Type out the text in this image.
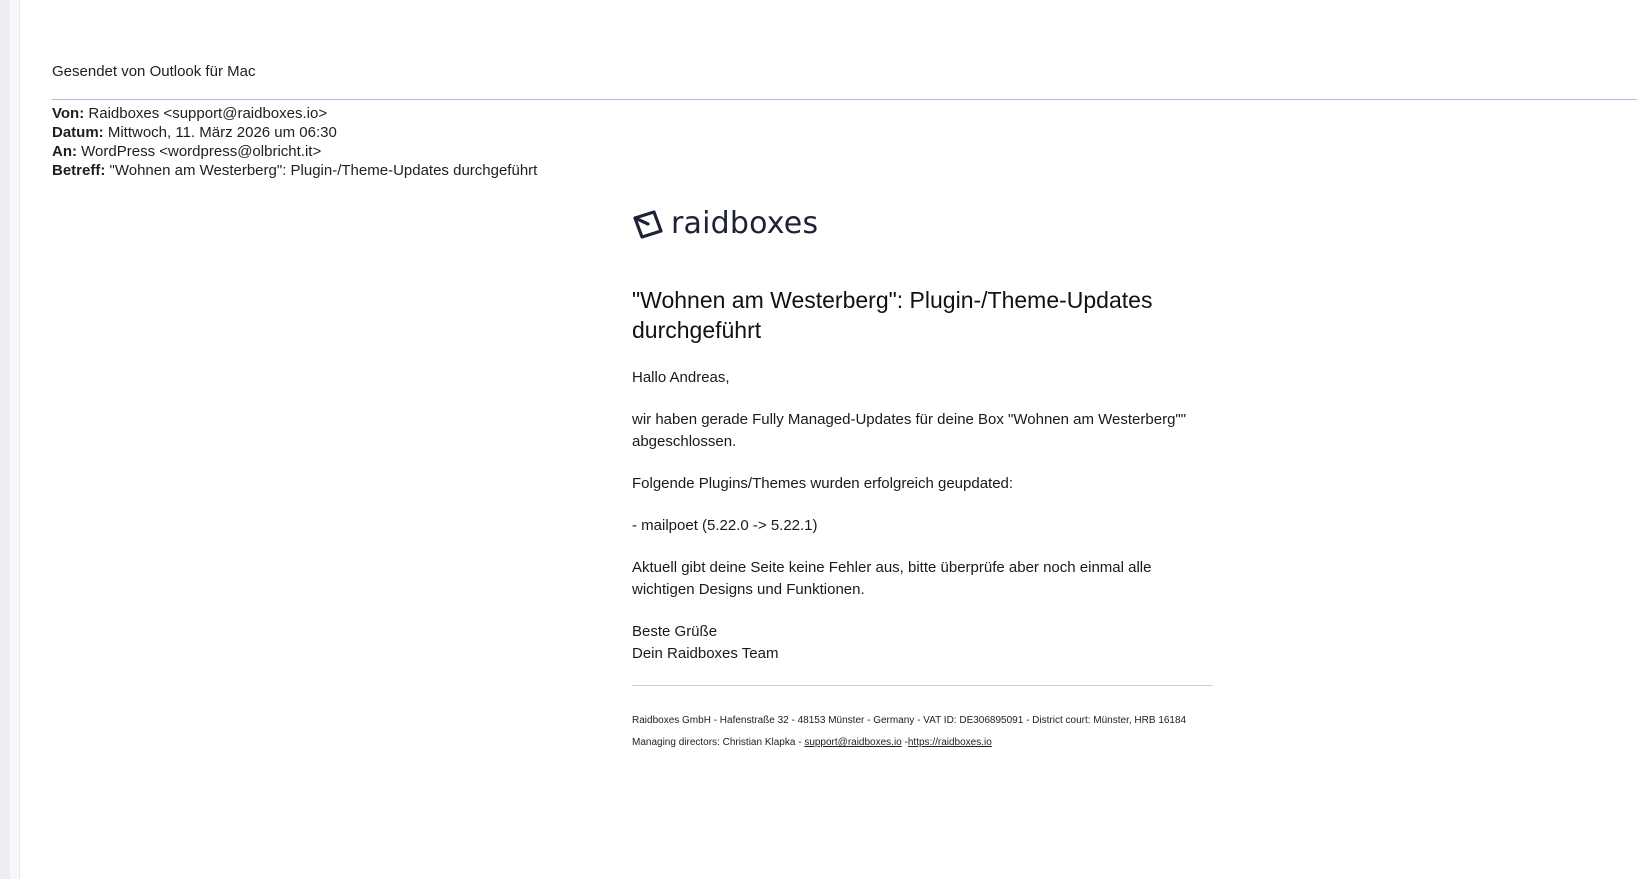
Gesendet von Outlook für Mac
Von: Raidboxes <support@raidboxes.io>
Datum: Mittwoch, 11. März 2026 um 06:30
An: WordPress <wordpress@olbricht.it>
Betreff: "Wohnen am Westerberg": Plugin-/Theme-Updates durchgeführt
raidboxes
"Wohnen am Westerberg": Plugin-/Theme-Updates durchgeführt
Hallo Andreas,
wir haben gerade Fully Managed-Updates für deine Box "Wohnen am Westerberg"" abgeschlossen.
Folgende Plugins/Themes wurden erfolgreich geupdated:
- mailpoet (5.22.0 -> 5.22.1)
Aktuell gibt deine Seite keine Fehler aus, bitte überprüfe aber noch einmal alle wichtigen Designs und Funktionen.
Beste Grüße
Dein Raidboxes Team
Raidboxes GmbH - Hafenstraße 32 - 48153 Münster - Germany - VAT ID: DE306895091 - District court: Münster, HRB 16184
Managing directors: Christian Klapka - support@raidboxes.io -https://raidboxes.io
